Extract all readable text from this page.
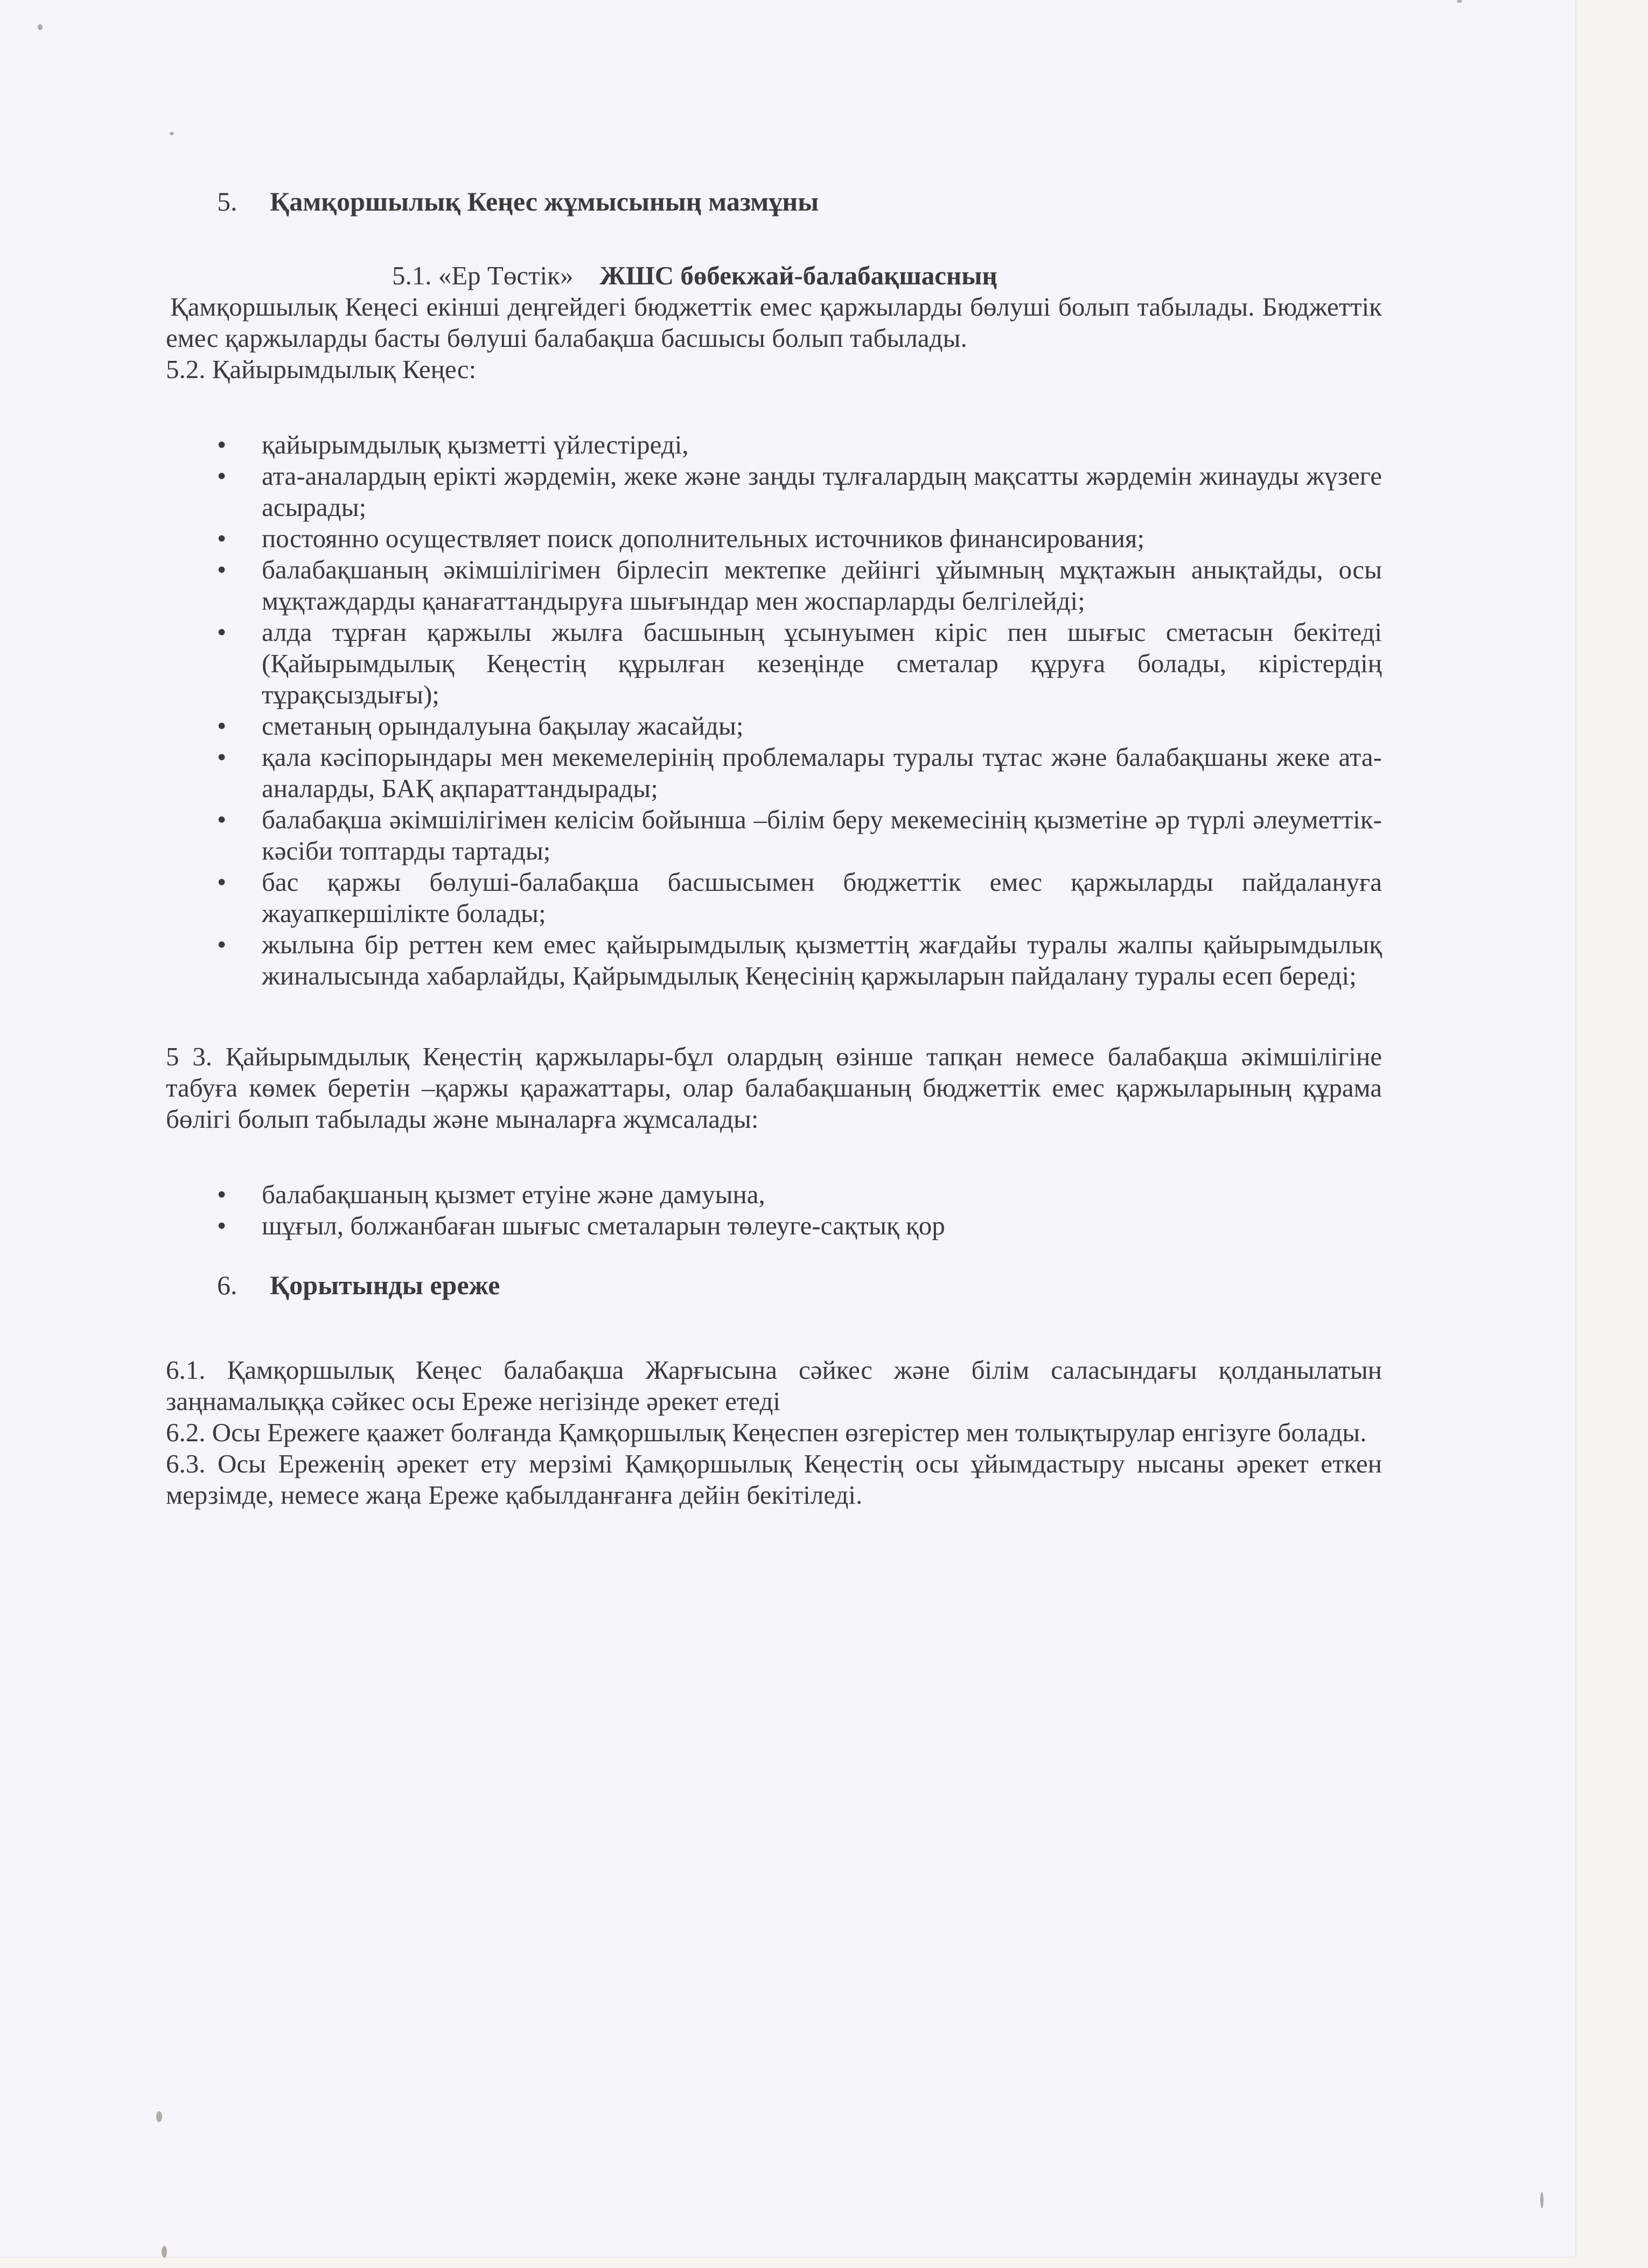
5. Қамқоршылық Кеңес жұмысының мазмұны

5.1. «Ер Төстік» ЖШС бөбекжай-балабақшасның

Қамқоршылық Кеңесі екінші деңгейдегі бюджеттік емес қаржыларды бөлуші болып табылады. Бюджеттік емес қаржыларды басты бөлуші балабақша басшысы болып табылады.

5.2. Қайырымдылық Кеңес:

•	қайырымдылық қызметті үйлестіреді,
•	ата-аналардың ерікті жәрдемін, жеке және заңды тұлғалардың мақсатты жәрдемін жинауды жүзеге асырады;
•	постоянно осуществляет поиск дополнительных источников финансирования;
•	балабақшаның әкімшілігімен бірлесіп мектепке дейінгі ұйымның мұқтажын анықтайды, осы мұқтаждарды қанағаттандыруға шығындар мен жоспарларды белгілейді;
•	алда тұрған қаржылы жылға басшының ұсынуымен кіріс пен шығыс сметасын бекітеді (Қайырымдылық Кеңестің құрылған кезеңінде сметалар құруға болады, кірістердің тұрақсыздығы);
•	сметаның орындалуына бақылау жасайды;
•	қала кәсіпорындары мен мекемелерінің проблемалары туралы тұтас және балабақшаны жеке ата-аналарды, БАҚ ақпараттандырады;
•	балабақша әкімшілігімен келісім бойынша –білім беру мекемесінің қызметіне әр түрлі әлеуметтік-кәсіби топтарды тартады;
•	бас қаржы бөлуші-балабақша басшысымен бюджеттік емес қаржыларды пайдалануға жауапкершілікте болады;
•	жылына бір реттен кем емес қайырымдылық қызметтің жағдайы туралы жалпы қайырымдылық жиналысында хабарлайды, Қайрымдылық Кеңесінің қаржыларын пайдалану туралы есеп береді;

5 3. Қайырымдылық Кеңестің қаржылары-бұл олардың өзінше тапқан немесе балабақша әкімшілігіне табуға көмек беретін –қаржы қаражаттары, олар балабақшаның бюджеттік емес қаржыларының құрама бөлігі болып табылады және мыналарға жұмсалады:

•	балабақшаның қызмет етуіне және дамуына,
•	шұғыл, болжанбаған шығыс сметаларын төлеуге-сақтық қор
6. Қорытынды ереже

6.1. Қамқоршылық Кеңес балабақша Жарғысына сәйкес және білім саласындағы қолданылатын заңнамалыққа сәйкес осы Ереже негізінде әрекет етеді

6.2. Осы Ережеге қаажет болғанда Қамқоршылық Кеңеспен өзгерістер мен толықтырулар енгізуге болады.

6.3. Осы Ереженің әрекет ету мерзімі Қамқоршылық Кеңестің осы ұйымдастыру нысаны әрекет еткен мерзімде, немесе жаңа Ереже қабылданғанға дейін бекітіледі.
